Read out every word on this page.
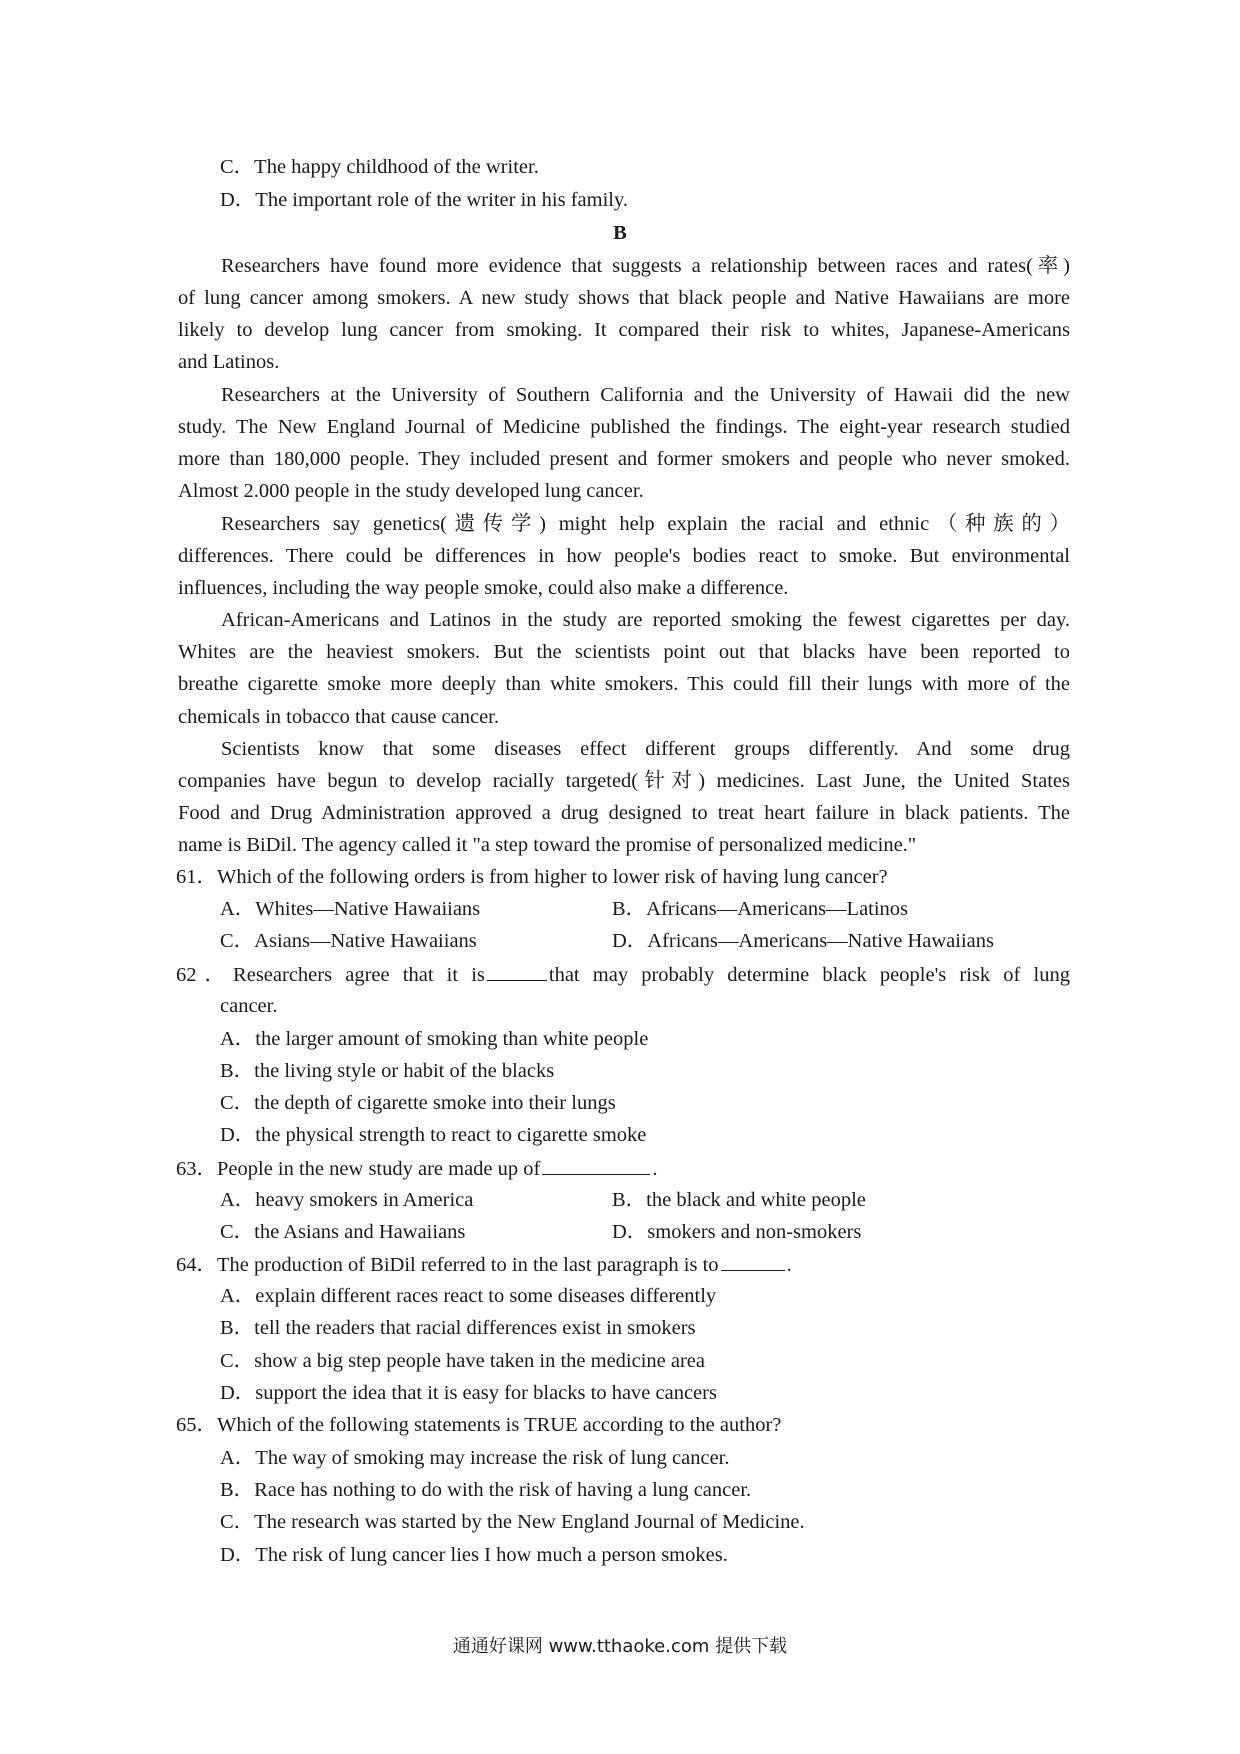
C．The happy childhood of the writer.
D．The important role of the writer in his family.
B
Researchers have found more evidence that suggests a relationship between races and rates(率)
of lung cancer among smokers. A new study shows that black people and Native Hawaiians are more
likely to develop lung cancer from smoking. It compared their risk to whites, Japanese-Americans
and Latinos.
Researchers at the University of Southern California and the University of Hawaii did the new
study. The New England Journal of Medicine published the findings. The eight-year research studied
more than 180,000 people. They included present and former smokers and people who never smoked.
Almost 2.000 people in the study developed lung cancer.
Researchers say genetics(遗传学) might help explain the racial and ethnic（种族的）
differences. There could be differences in how people's bodies react to smoke. But environmental
influences, including the way people smoke, could also make a difference.
African-Americans and Latinos in the study are reported smoking the fewest cigarettes per day.
Whites are the heaviest smokers. But the scientists point out that blacks have been reported to
breathe cigarette smoke more deeply than white smokers. This could fill their lungs with more of the
chemicals in tobacco that cause cancer.
Scientists know that some diseases effect different groups differently. And some drug
companies have begun to develop racially targeted(针对) medicines. Last June, the United States
Food and Drug Administration approved a drug designed to treat heart failure in black patients. The
name is BiDil. The agency called it "a step toward the promise of personalized medicine."
61．Which of the following orders is from higher to lower risk of having lung cancer?
A．Whites—Native Hawaiians	B．Africans—Americans—Latinos
C．Asians—Native Hawaiians	D．Africans—Americans—Native Hawaiians
62．Researchers agree that it is	that may probably determine black people's risk of lung
cancer.
A．the larger amount of smoking than white people
B．the living style or habit of the blacks
C．the depth of cigarette smoke into their lungs
D．the physical strength to react to cigarette smoke
63．People in the new study are made up of	.
A．heavy smokers in America	B．the black and white people
C．the Asians and Hawaiians	D．smokers and non-smokers
64．The production of BiDil referred to in the last paragraph is to	.
A．explain different races react to some diseases differently
B．tell the readers that racial differences exist in smokers
C．show a big step people have taken in the medicine area
D．support the idea that it is easy for blacks to have cancers
65．Which of the following statements is TRUE according to the author?
A．The way of smoking may increase the risk of lung cancer.
B．Race has nothing to do with the risk of having a lung cancer.
C．The research was started by the New England Journal of Medicine.
D．The risk of lung cancer lies I how much a person smokes.
通通好课网 www.tthaoke.com 提供下载
